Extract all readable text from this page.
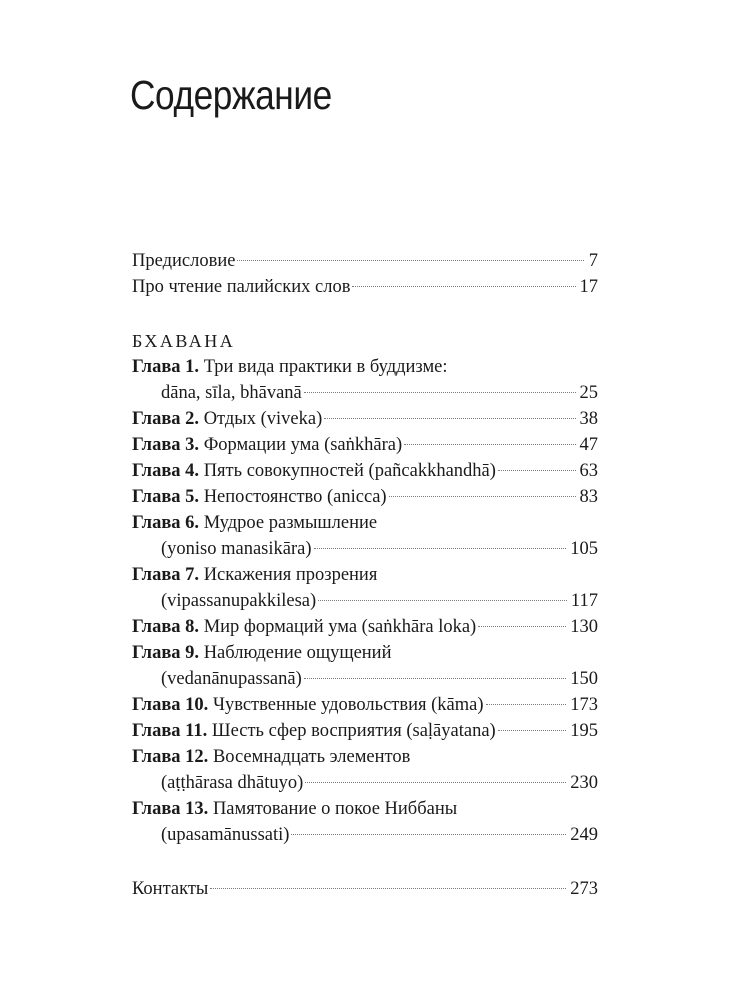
Содержание
Предисловие	7
Про чтение палийских слов	17
БХАВАНА
Глава 1. Три вида практики в буддизме:
dāna, sīla, bhāvanā	25
Глава 2. Отдых (viveka)	38
Глава 3. Формации ума (saṅkhāra)	47
Глава 4. Пять совокупностей (pañcakkhandhā)	63
Глава 5. Непостоянство (anicca)	83
Глава 6. Мудрое размышление
(yoniso manasikāra)	105
Глава 7. Искажения прозрения
(vipassanupakkilesa)	117
Глава 8. Мир формаций ума (saṅkhāra loka)	130
Глава 9. Наблюдение ощущений
(vedanānupassanā)	150
Глава 10. Чувственные удовольствия (kāma)	173
Глава 11. Шесть сфер восприятия (saḷāyatana)	195
Глава 12. Восемнадцать элементов
(aṭṭhārasa dhātuyo)	230
Глава 13. Памятование о покое Ниббаны
(upasamānussati)	249
Контакты	273
